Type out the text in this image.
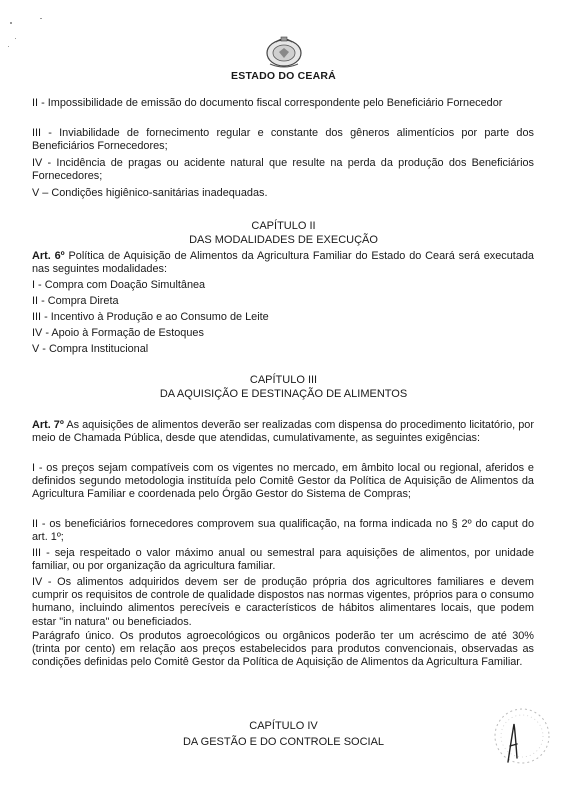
ESTADO DO CEARÁ
II - Impossibilidade de emissão do documento fiscal correspondente pelo Beneficiário Fornecedor
III - Inviabilidade de fornecimento regular e constante dos gêneros alimentícios por parte dos Beneficiários Fornecedores;
IV - Incidência de pragas ou acidente natural que resulte na perda da produção dos Beneficiários Fornecedores;
V – Condições higiênico-sanitárias inadequadas.
CAPÍTULO II
DAS MODALIDADES DE EXECUÇÃO
Art. 6º Política de Aquisição de Alimentos da Agricultura Familiar do Estado do Ceará será executada nas seguintes modalidades:
I - Compra com Doação Simultânea
II - Compra Direta
III - Incentivo à Produção e ao Consumo de Leite
IV - Apoio à Formação de Estoques
V - Compra Institucional
CAPÍTULO III
DA AQUISIÇÃO E DESTINAÇÃO DE ALIMENTOS
Art. 7º As aquisições de alimentos deverão ser realizadas com dispensa do procedimento licitatório, por meio de Chamada Pública, desde que atendidas, cumulativamente, as seguintes exigências:
I - os preços sejam compatíveis com os vigentes no mercado, em âmbito local ou regional, aferidos e definidos segundo metodologia instituída pelo Comitê Gestor da Política de Aquisição de Alimentos da Agricultura Familiar e coordenada pelo Órgão Gestor do Sistema de Compras;
II - os beneficiários fornecedores comprovem sua qualificação, na forma indicada no § 2º do caput do art. 1º;
III - seja respeitado o valor máximo anual ou semestral para aquisições de alimentos, por unidade familiar, ou por organização da agricultura familiar.
IV - Os alimentos adquiridos devem ser de produção própria dos agricultores familiares e devem cumprir os requisitos de controle de qualidade dispostos nas normas vigentes, próprios para o consumo humano, incluindo alimentos perecíveis e característicos de hábitos alimentares locais, que podem estar "in natura" ou beneficiados.
Parágrafo único. Os produtos agroecológicos ou orgânicos poderão ter um acréscimo de até 30% (trinta por cento) em relação aos preços estabelecidos para produtos convencionais, observadas as condições definidas pelo Comitê Gestor da Política de Aquisição de Alimentos da Agricultura Familiar.
CAPÍTULO IV
DA GESTÃO E DO CONTROLE SOCIAL
